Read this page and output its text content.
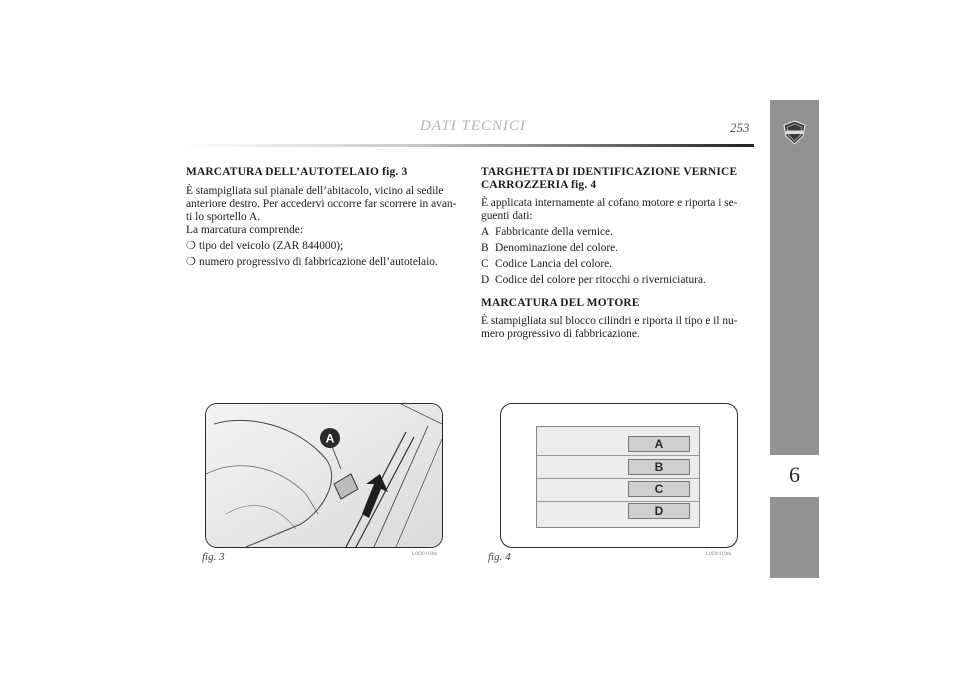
DATI TECNICI	253
6
MARCATURA DELL’AUTOTELAIO fig. 3

È stampigliata sul pianale dell’abitacolo, vicino al sedile

anteriore destro. Per accedervi occorre far scorrere in avan-

ti lo sportello A.

La marcatura comprende:

❍ tipo del veicolo (ZAR 844000);

❍ numero progressivo di fabbricazione dell’autotelaio.

TARGHETTA DI IDENTIFICAZIONE VERNICE
CARROZZERIA fig. 4

È applicata internamente al cofano motore e riporta i se-

guenti dati:

A Fabbricante della vernice.

B Denominazione del colore.

C Codice Lancia del colore.

D Codice del colore per ritocchi o riverniciatura.

MARCATURA DEL MOTORE

È stampigliata sul blocco cilindri e riporta il tipo e il nu-

mero progressivo di fabbricazione.

A
fig. 3	L0D0118m
A
B
C
D
fig. 4	L0D0119m
